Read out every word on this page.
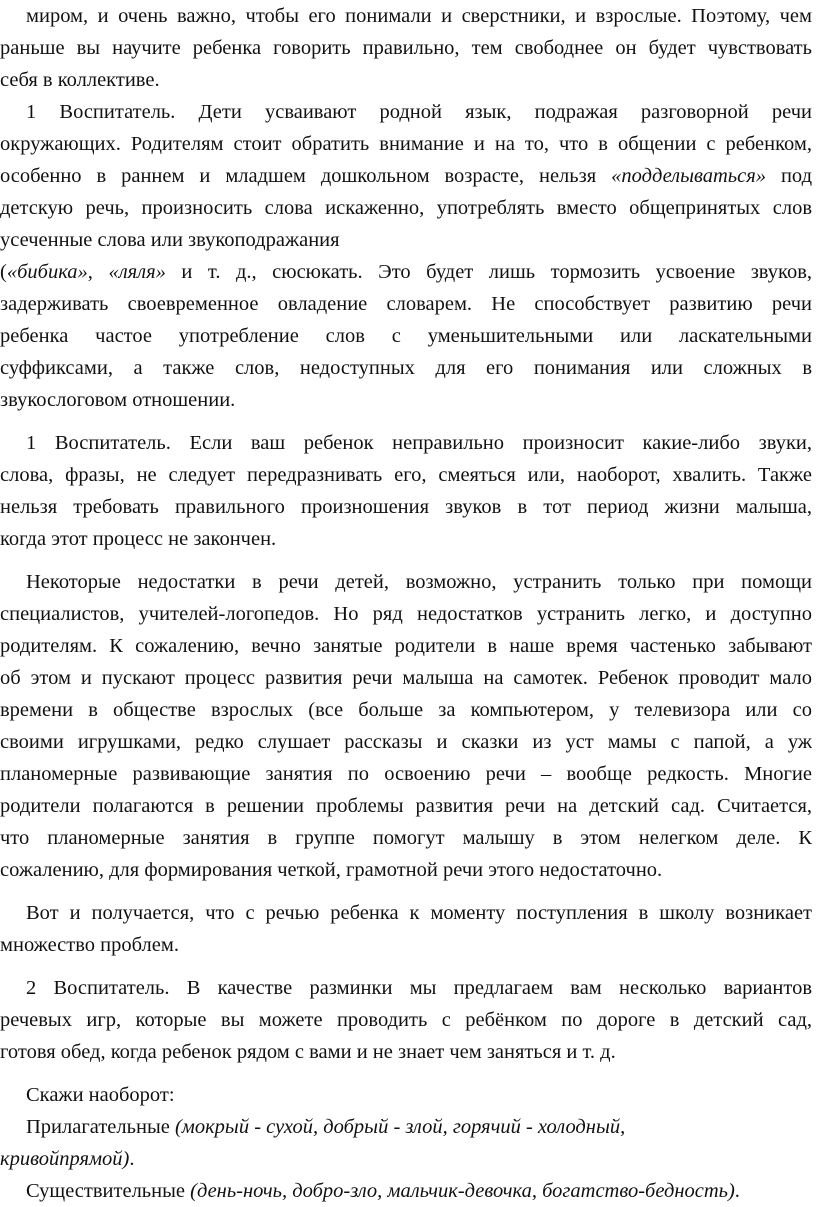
миром, и очень важно, чтобы его понимали и сверстники, и взрослые. Поэтому, чем
раньше вы научите ребенка говорить правильно, тем свободнее он будет чувствовать
себя в коллективе.
1 Воспитатель. Дети усваивают родной язык, подражая разговорной речи
окружающих. Родителям стоит обратить внимание и на то, что в общении с ребенком,
особенно в раннем и младшем дошкольном возрасте, нельзя «подделываться» под
детскую речь, произносить слова искаженно, употреблять вместо общепринятых слов
усеченные слова или звукоподражания
(«бибика», «ляля» и т. д., сюсюкать. Это будет лишь тормозить усвоение звуков,
задерживать своевременное овладение словарем. Не способствует развитию речи
ребенка частое употребление слов с уменьшительными или ласкательными
суффиксами, а также слов, недоступных для его понимания или сложных в
звукослоговом отношении.
1 Воспитатель. Если ваш ребенок неправильно произносит какие-либо звуки,
слова, фразы, не следует передразнивать его, смеяться или, наоборот, хвалить. Также
нельзя требовать правильного произношения звуков в тот период жизни малыша,
когда этот процесс не закончен.
Некоторые недостатки в речи детей, возможно, устранить только при помощи
специалистов, учителей-логопедов. Но ряд недостатков устранить легко, и доступно
родителям. К сожалению, вечно занятые родители в наше время частенько забывают
об этом и пускают процесс развития речи малыша на самотек. Ребенок проводит мало
времени в обществе взрослых (все больше за компьютером, у телевизора или со
своими игрушками, редко слушает рассказы и сказки из уст мамы с папой, а уж
планомерные развивающие занятия по освоению речи – вообще редкость. Многие
родители полагаются в решении проблемы развития речи на детский сад. Считается,
что планомерные занятия в группе помогут малышу в этом нелегком деле. К
сожалению, для формирования четкой, грамотной речи этого недостаточно.
Вот и получается, что с речью ребенка к моменту поступления в школу возникает
множество проблем.
2 Воспитатель. В качестве разминки мы предлагаем вам несколько вариантов
речевых игр, которые вы можете проводить с ребёнком по дороге в детский сад,
готовя обед, когда ребенок рядом с вами и не знает чем заняться и т. д.
Скажи наоборот:
Прилагательные (мокрый - сухой, добрый - злой, горячий - холодный,
кривойпрямой).
Существительные (день-ночь, добро-зло, мальчик-девочка, богатство-бедность).
